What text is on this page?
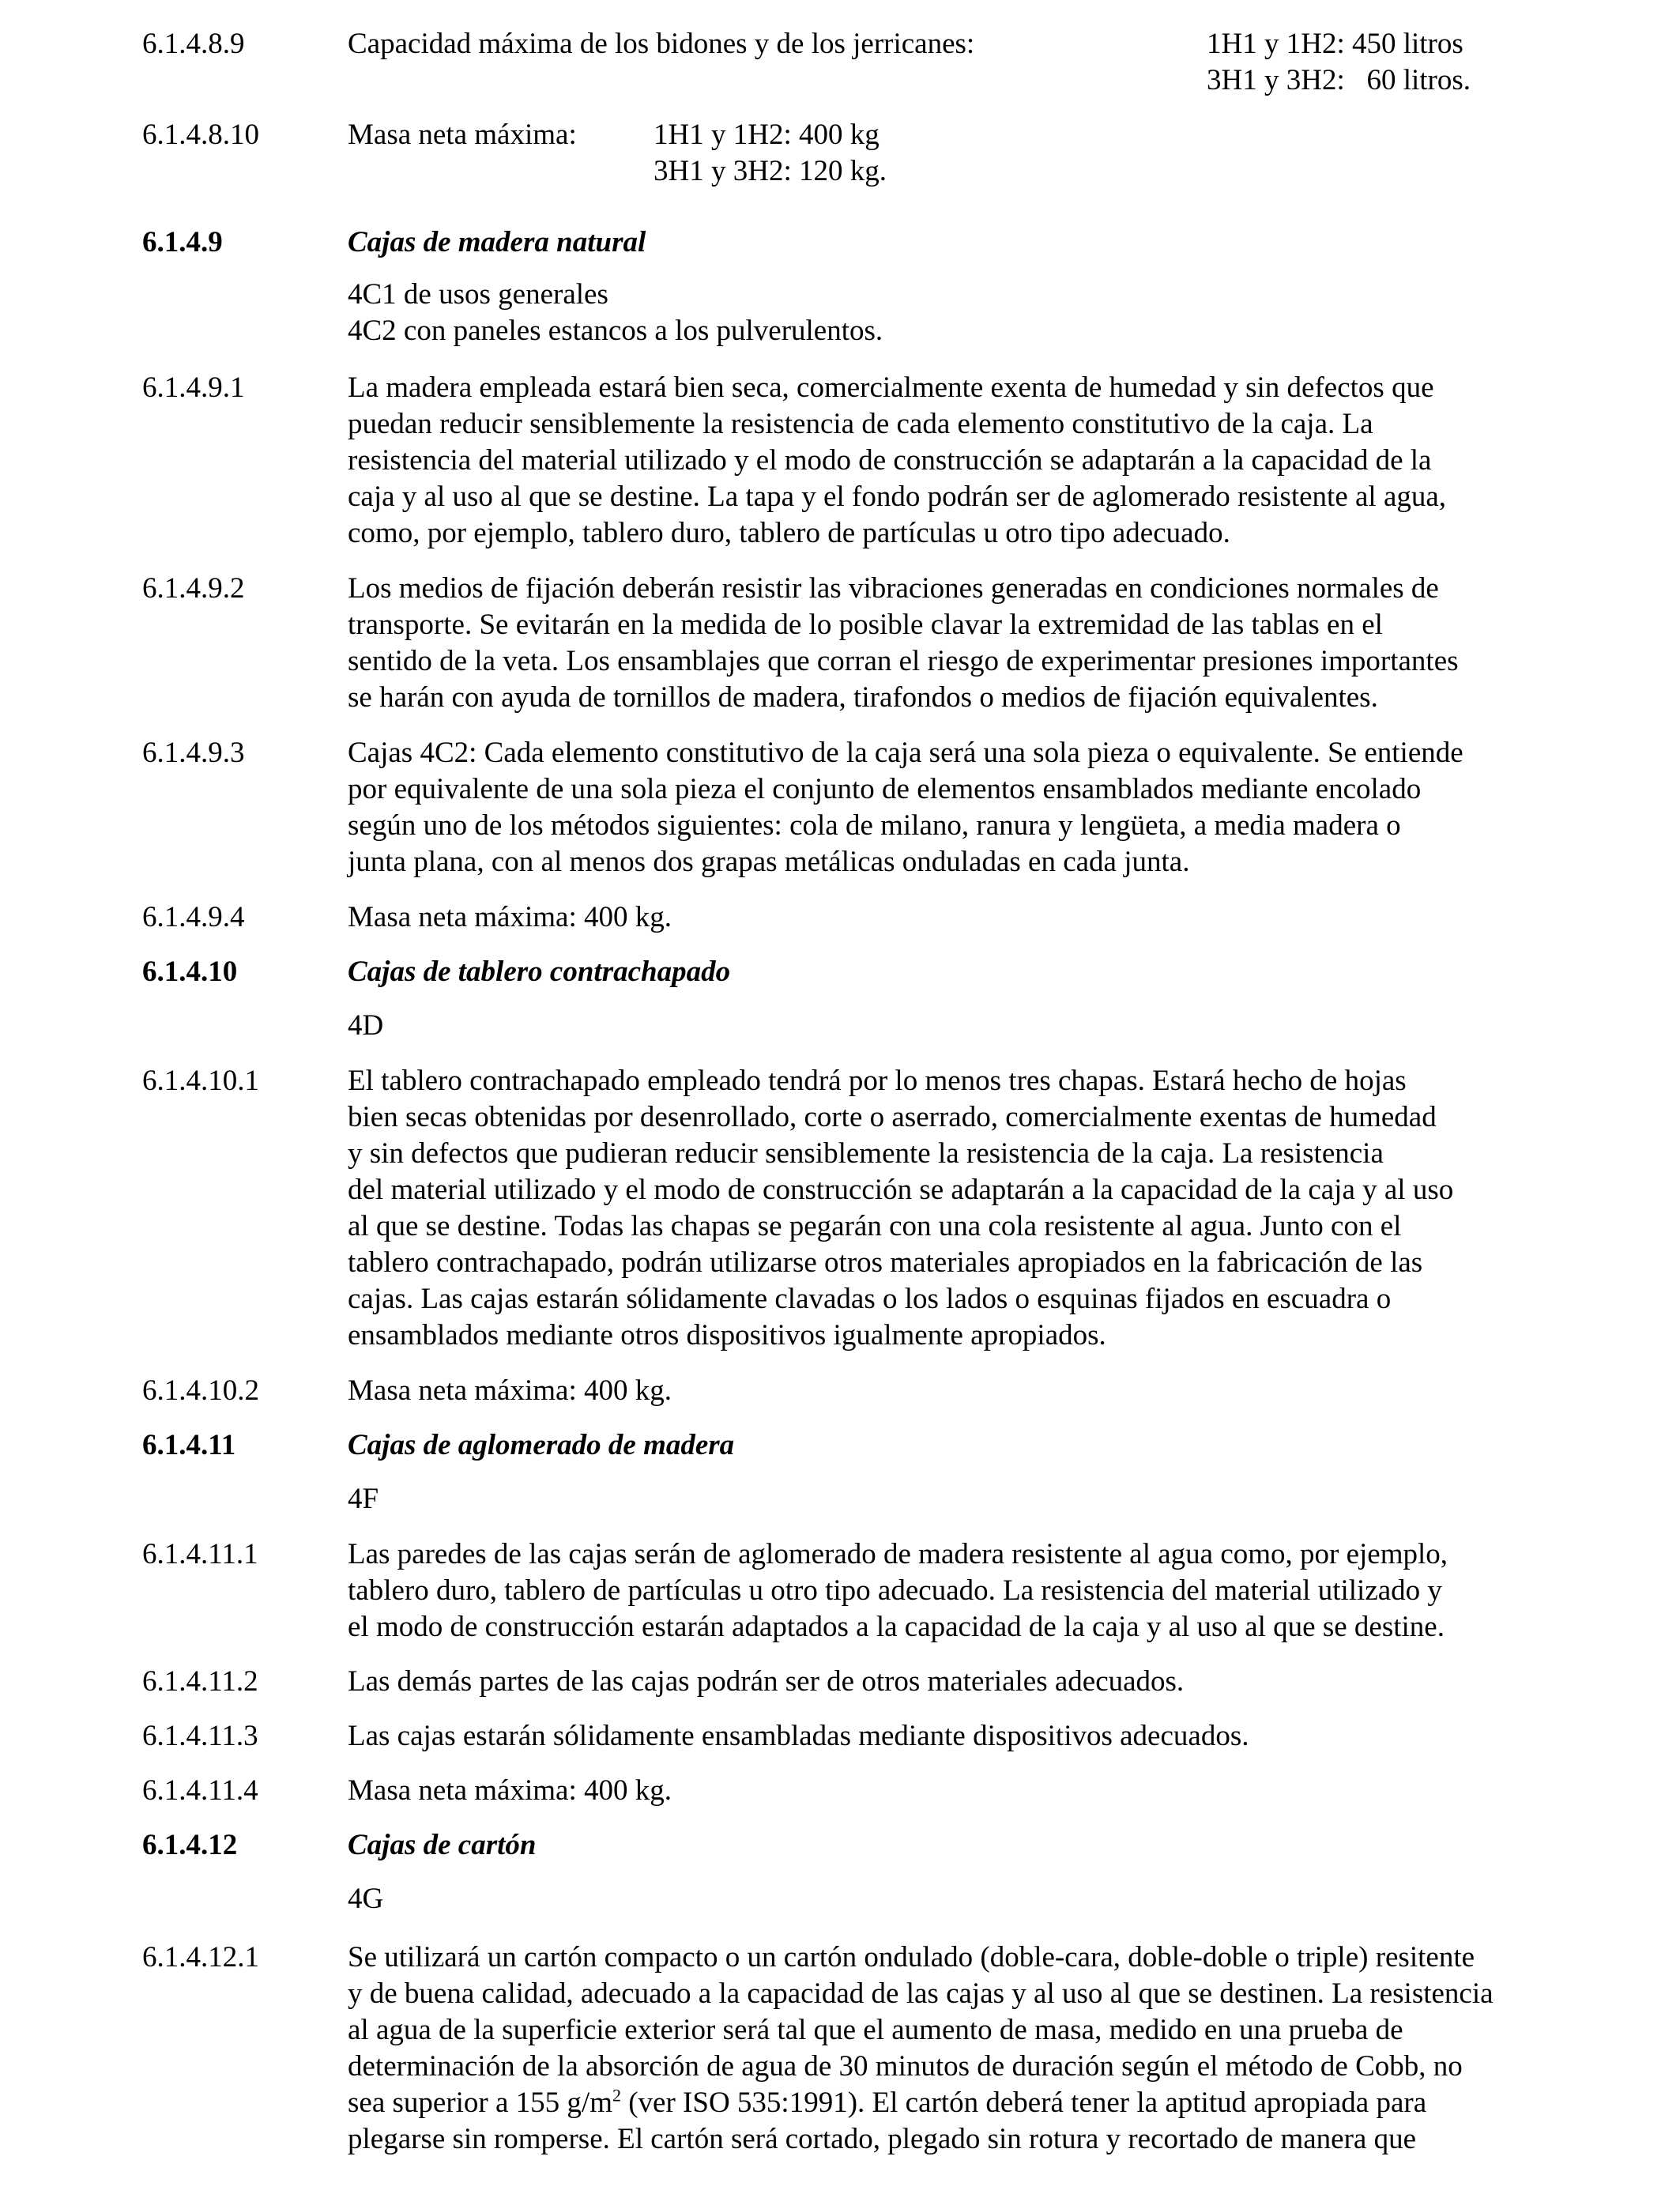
6.1.4.8.9	Capacidad máxima de los bidones y de los jerricanes:	1H1 y 1H2: 450 litros
3H1 y 3H2:   60 litros.
6.1.4.8.10	Masa neta máxima:	1H1 y 1H2: 400 kg
3H1 y 3H2: 120 kg.
6.1.4.9	Cajas de madera natural
4C1 de usos generales
4C2 con paneles estancos a los pulverulentos.
6.1.4.9.1	La madera empleada estará bien seca, comercialmente exenta de humedad y sin defectos que

puedan reducir sensiblemente la resistencia de cada elemento constitutivo de la caja. La

resistencia del material utilizado y el modo de construcción se adaptarán a la capacidad de la

caja y al uso al que se destine. La tapa y el fondo podrán ser de aglomerado resistente al agua,

como, por ejemplo, tablero duro, tablero de partículas u otro tipo adecuado.

6.1.4.9.2	Los medios de fijación deberán resistir las vibraciones generadas en condiciones normales de

transporte. Se evitarán en la medida de lo posible clavar la extremidad de las tablas en el

sentido de la veta. Los ensamblajes que corran el riesgo de experimentar presiones importantes

se harán con ayuda de tornillos de madera, tirafondos o medios de fijación equivalentes.

6.1.4.9.3	Cajas 4C2: Cada elemento constitutivo de la caja será una sola pieza o equivalente. Se entiende

por equivalente de una sola pieza el conjunto de elementos ensamblados mediante encolado

según uno de los métodos siguientes: cola de milano, ranura y lengüeta, a media madera o

junta plana, con al menos dos grapas metálicas onduladas en cada junta.

6.1.4.9.4	Masa neta máxima: 400 kg.
6.1.4.10	Cajas de tablero contrachapado
4D
6.1.4.10.1	El tablero contrachapado empleado tendrá por lo menos tres chapas. Estará hecho de hojas

bien secas obtenidas por desenrollado, corte o aserrado, comercialmente exentas de humedad

y sin defectos que pudieran reducir sensiblemente la resistencia de la caja. La resistencia

del material utilizado y el modo de construcción se adaptarán a la capacidad de la caja y al uso

al que se destine. Todas las chapas se pegarán con una cola resistente al agua. Junto con el

tablero contrachapado, podrán utilizarse otros materiales apropiados en la fabricación de las

cajas. Las cajas estarán sólidamente clavadas o los lados o esquinas fijados en escuadra o

ensamblados mediante otros dispositivos igualmente apropiados.

6.1.4.10.2	Masa neta máxima: 400 kg.
6.1.4.11	Cajas de aglomerado de madera
4F
6.1.4.11.1	Las paredes de las cajas serán de aglomerado de madera resistente al agua como, por ejemplo,

tablero duro, tablero de partículas u otro tipo adecuado. La resistencia del material utilizado y

el modo de construcción estarán adaptados a la capacidad de la caja y al uso al que se destine.

6.1.4.11.2	Las demás partes de las cajas podrán ser de otros materiales adecuados.
6.1.4.11.3	Las cajas estarán sólidamente ensambladas mediante dispositivos adecuados.
6.1.4.11.4	Masa neta máxima: 400 kg.
6.1.4.12	Cajas de cartón
4G
6.1.4.12.1	Se utilizará un cartón compacto o un cartón ondulado (doble-cara, doble-doble o triple) resitente

y de buena calidad, adecuado a la capacidad de las cajas y al uso al que se destinen. La resistencia

al agua de la superficie exterior será tal que el aumento de masa, medido en una prueba de

determinación de la absorción de agua de 30 minutos de duración según el método de Cobb, no

sea superior a 155 $g/m^2$ (ver ISO 535:1991). El cartón deberá tener la aptitud apropiada para

plegarse sin romperse. El cartón será cortado, plegado sin rotura y recortado de manera que
